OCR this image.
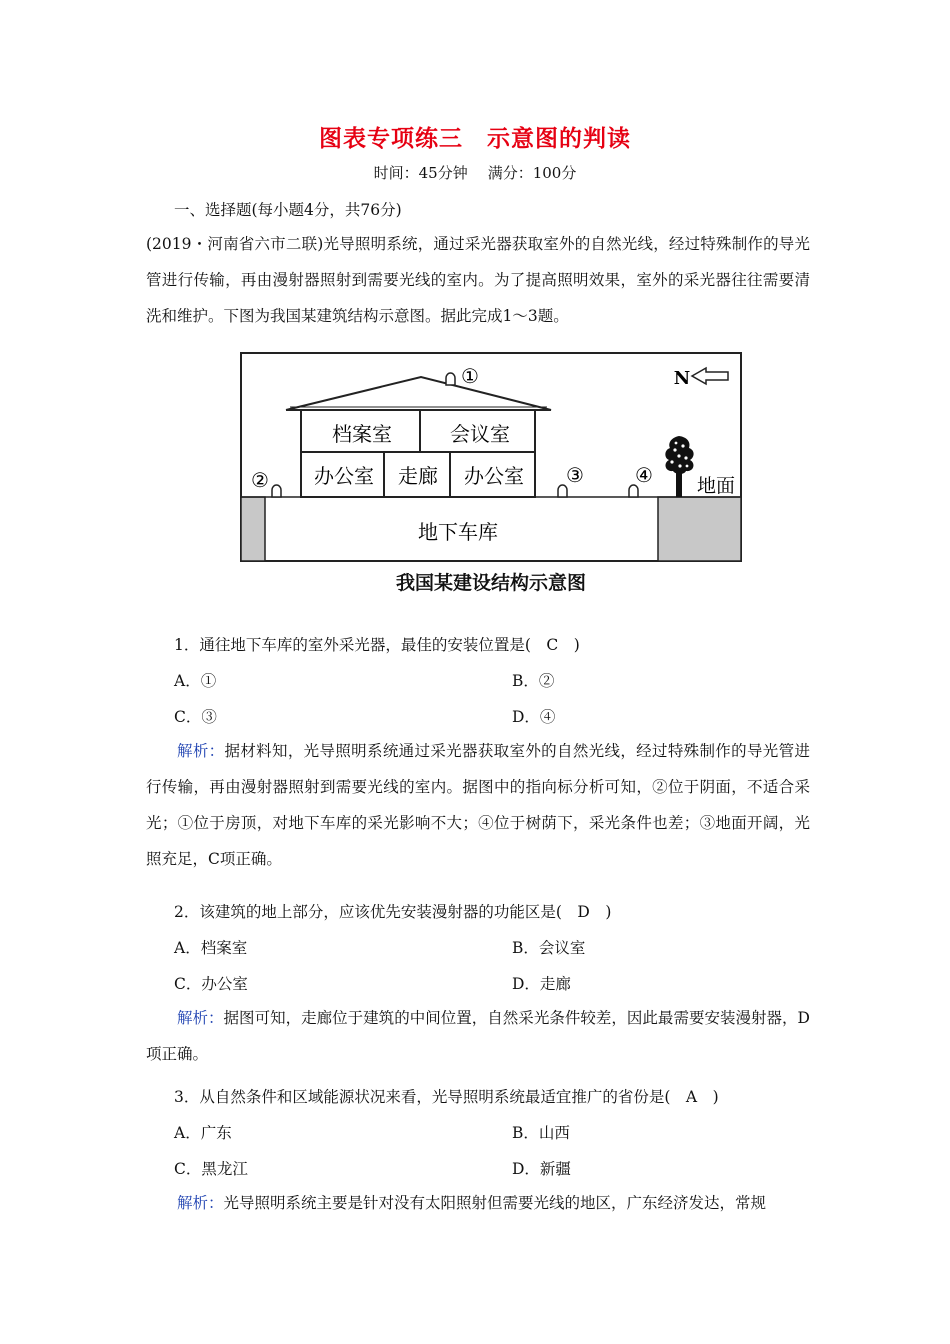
图表专项练三 示意图的判读
时间：45分钟 满分：100分
一、选择题(每小题4分，共76分)
(2019・河南省六市二联)光导照明系统，通过采光器获取室外的自然光线，经过特殊制作的导光管进行传输，再由漫射器照射到需要光线的室内。为了提高照明效果，室外的采光器往往需要清洗和维护。下图为我国某建筑结构示意图。据此完成1～3题。
档案室	会议室
办公室 走廊 办公室
地下车库
①
②	③	④ 地面
N
我国某建设结构示意图
1．通往地下车库的室外采光器，最佳的安装位置是(　C　)
A．①	B．②
C．③	D．④
解析：据材料知，光导照明系统通过采光器获取室外的自然光线，经过特殊制作的导光管进行传输，再由漫射器照射到需要光线的室内。据图中的指向标分析可知，②位于阴面，不适合采光；①位于房顶，对地下车库的采光影响不大；④位于树荫下，采光条件也差；③地面开阔，光照充足，C项正确。
2．该建筑的地上部分，应该优先安装漫射器的功能区是(　D　)
A．档案室	B．会议室
C．办公室	D．走廊
解析：据图可知，走廊位于建筑的中间位置，自然采光条件较差，因此最需要安装漫射器，D项正确。
3．从自然条件和区域能源状况来看，光导照明系统最适宜推广的省份是(　A　)
A．广东	B．山西
C．黑龙江	D．新疆
解析：光导照明系统主要是针对没有太阳照射但需要光线的地区，广东经济发达，常规
